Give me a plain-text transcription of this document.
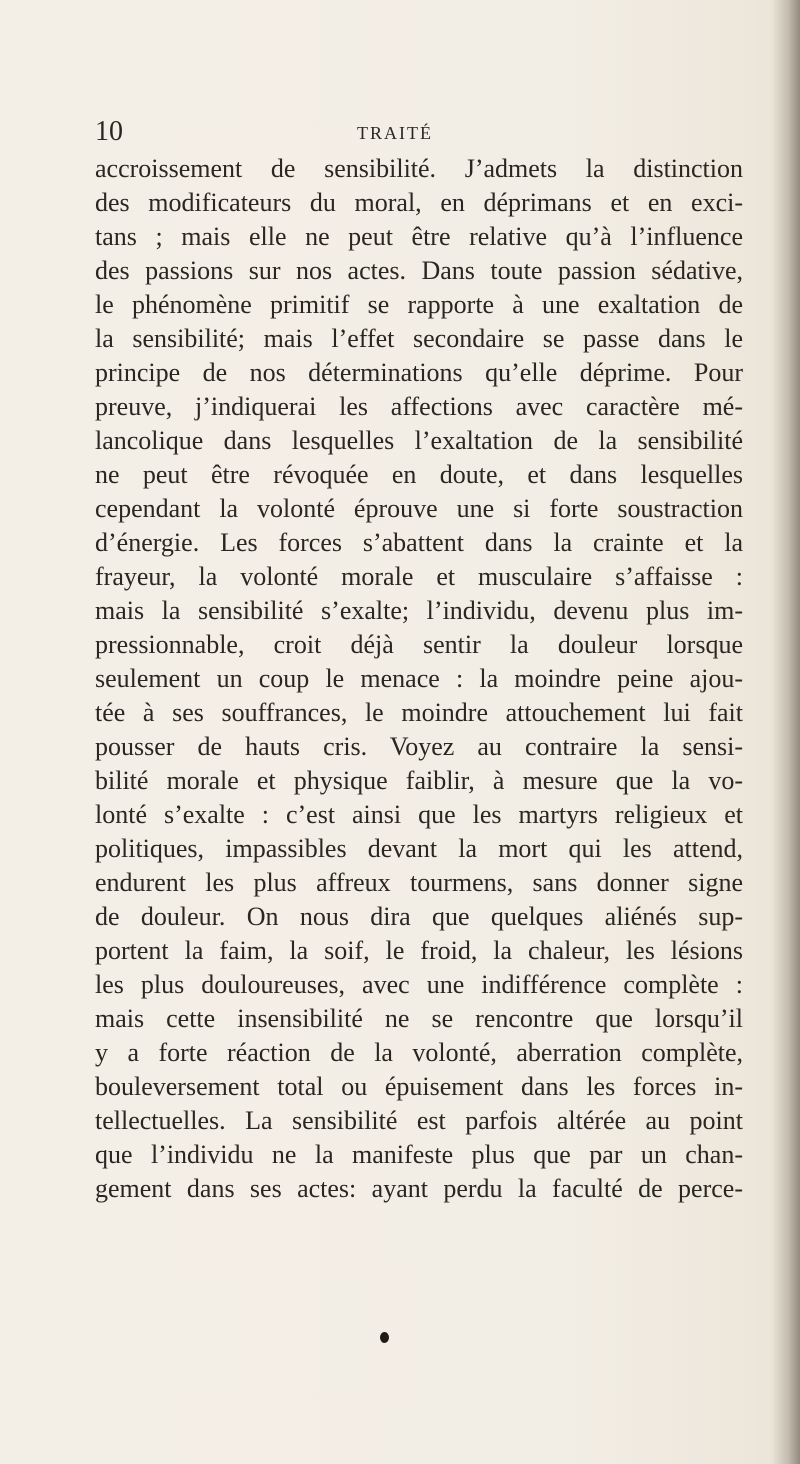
10	TRAITÉ
accroissement de sensibilité. J’admets la distinction
des modificateurs du moral, en déprimans et en exci-
tans ; mais elle ne peut être relative qu’à l’influence
des passions sur nos actes. Dans toute passion sédative,
le phénomène primitif se rapporte à une exaltation de
la sensibilité; mais l’effet secondaire se passe dans le
principe de nos déterminations qu’elle déprime. Pour
preuve, j’indiquerai les affections avec caractère mé-
lancolique dans lesquelles l’exaltation de la sensibilité
ne peut être révoquée en doute, et dans lesquelles
cependant la volonté éprouve une si forte soustraction
d’énergie. Les forces s’abattent dans la crainte et la
frayeur, la volonté morale et musculaire s’affaisse :
mais la sensibilité s’exalte; l’individu, devenu plus im-
pressionnable, croit déjà sentir la douleur lorsque
seulement un coup le menace : la moindre peine ajou-
tée à ses souffrances, le moindre attouchement lui fait
pousser de hauts cris. Voyez au contraire la sensi-
bilité morale et physique faiblir, à mesure que la vo-
lonté s’exalte : c’est ainsi que les martyrs religieux et
politiques, impassibles devant la mort qui les attend,
endurent les plus affreux tourmens, sans donner signe
de douleur. On nous dira que quelques aliénés sup-
portent la faim, la soif, le froid, la chaleur, les lésions
les plus douloureuses, avec une indifférence complète :
mais cette insensibilité ne se rencontre que lorsqu’il
y a forte réaction de la volonté, aberration complète,
bouleversement total ou épuisement dans les forces in-
tellectuelles. La sensibilité est parfois altérée au point
que l’individu ne la manifeste plus que par un chan-
gement dans ses actes: ayant perdu la faculté de perce-
